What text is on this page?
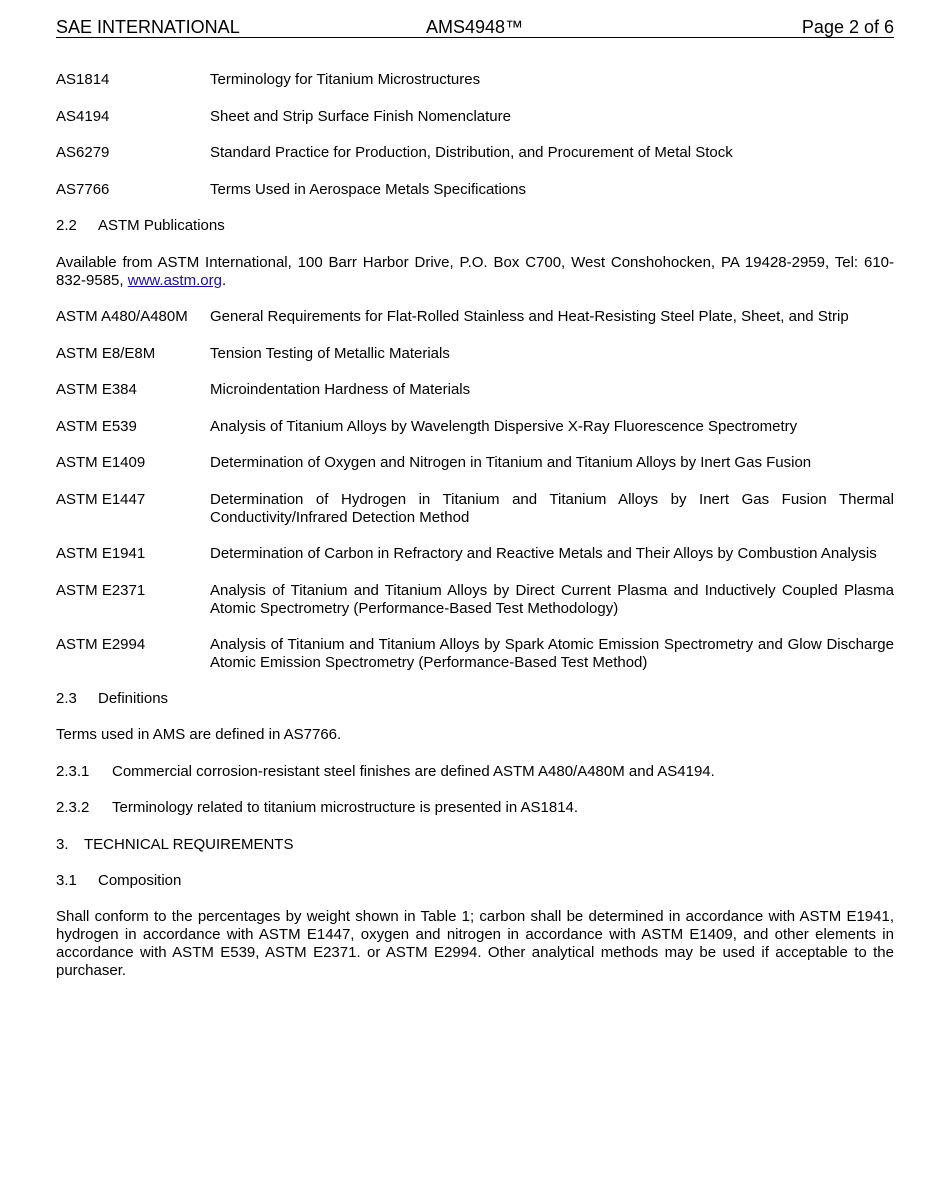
SAE INTERNATIONAL	AMS4948™	Page 2 of 6
AS1814	Terminology for Titanium Microstructures
AS4194	Sheet and Strip Surface Finish Nomenclature
AS6279	Standard Practice for Production, Distribution, and Procurement of Metal Stock
AS7766	Terms Used in Aerospace Metals Specifications
2.2 ASTM Publications
Available from ASTM International, 100 Barr Harbor Drive, P.O. Box C700, West Conshohocken, PA 19428-2959, Tel: 610-832-9585, www.astm.org.
ASTM A480/A480M General Requirements for Flat-Rolled Stainless and Heat-Resisting Steel Plate, Sheet, and Strip
ASTM E8/E8M	Tension Testing of Metallic Materials
ASTM E384	Microindentation Hardness of Materials
ASTM E539	Analysis of Titanium Alloys by Wavelength Dispersive X-Ray Fluorescence Spectrometry
ASTM E1409	Determination of Oxygen and Nitrogen in Titanium and Titanium Alloys by Inert Gas Fusion
ASTM E1447	Determination of Hydrogen in Titanium and Titanium Alloys by Inert Gas Fusion Thermal Conductivity/Infrared Detection Method
ASTM E1941	Determination of Carbon in Refractory and Reactive Metals and Their Alloys by Combustion Analysis
ASTM E2371	Analysis of Titanium and Titanium Alloys by Direct Current Plasma and Inductively Coupled Plasma Atomic Spectrometry (Performance-Based Test Methodology)
ASTM E2994	Analysis of Titanium and Titanium Alloys by Spark Atomic Emission Spectrometry and Glow Discharge Atomic Emission Spectrometry (Performance-Based Test Method)
2.3 Definitions
Terms used in AMS are defined in AS7766.
2.3.1 Commercial corrosion-resistant steel finishes are defined ASTM A480/A480M and AS4194.
2.3.2 Terminology related to titanium microstructure is presented in AS1814.
3. TECHNICAL REQUIREMENTS
3.1 Composition
Shall conform to the percentages by weight shown in Table 1; carbon shall be determined in accordance with ASTM E1941, hydrogen in accordance with ASTM E1447, oxygen and nitrogen in accordance with ASTM E1409, and other elements in accordance with ASTM E539, ASTM E2371. or ASTM E2994. Other analytical methods may be used if acceptable to the purchaser.
